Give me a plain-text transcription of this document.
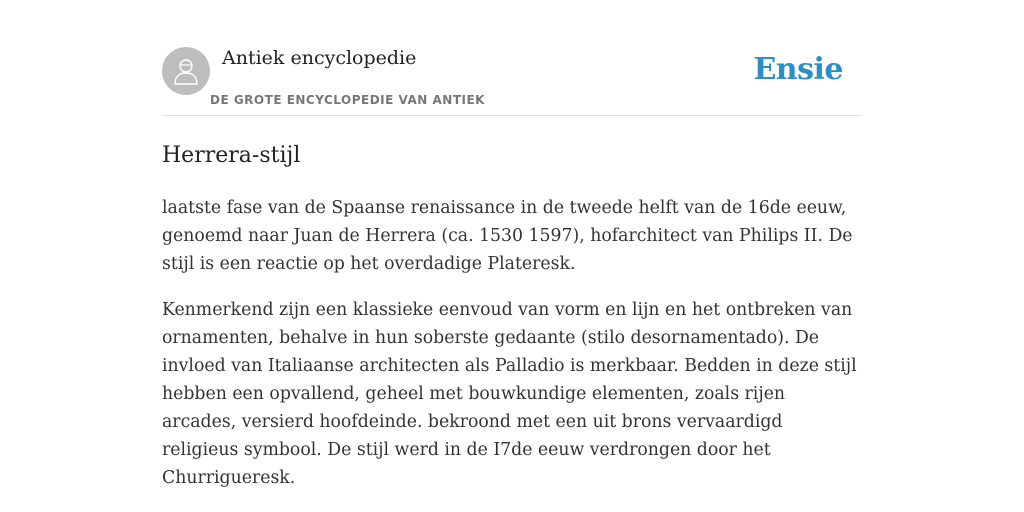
Antiek encyclopedie
DE GROTE ENCYCLOPEDIE VAN ANTIEK
Ensie
Herrera-stijl

laatste fase van de Spaanse renaissance in de tweede helft van de 16de eeuw, genoemd naar Juan de Herrera (ca. 1530 1597), hofarchitect van Philips II. De stijl is een reactie op het overdadige Plateresk.

Kenmerkend zijn een klassieke eenvoud van vorm en lijn en het ontbreken van ornamenten, behalve in hun soberste gedaante (stilo desornamentado). De invloed van Italiaanse architecten als Palladio is merkbaar. Bedden in deze stijl hebben een opvallend, geheel met bouwkundige elementen, zoals rijen arcades, versierd hoofdeinde. bekroond met een uit brons vervaardigd religieus symbool. De stijl werd in de I7de eeuw verdrongen door het Churrigueresk.
